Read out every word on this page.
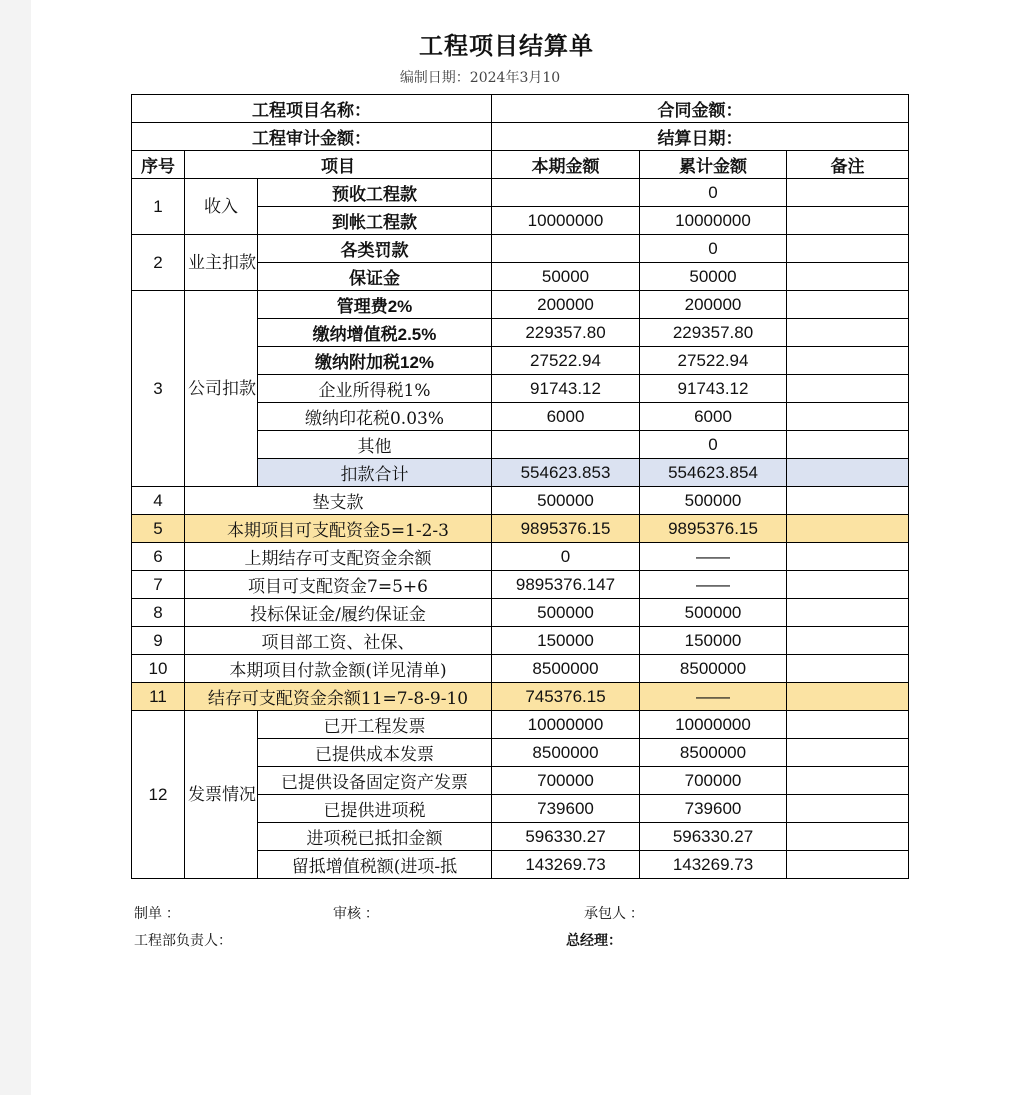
工程项目结算单
编制日期：2024年3月10
工程项目名称：			合同金额：		
工程审计金额：			结算日期：		
序号	项目		本期金额	累计金额	备注
1	收入	预收工程款		0	
		到帐工程款	10000000	10000000	
2	业主扣款	各类罚款		0	
		保证金	50000	50000	
3	公司扣款	管理费2%	200000	200000	
		缴纳增值税2.5%	229357.80	229357.80	
		缴纳附加税12%	27522.94	27522.94	
		企业所得税1%	91743.12	91743.12	
		缴纳印花税0.03%	6000	6000	
		其他		0	
		扣款合计	554623.853	554623.854	
4	垫支款		500000	500000	
5	本期项目可支配资金5=1-2-3		9895376.15	9895376.15	
6	上期结存可支配资金余额		0	——	
7	项目可支配资金7=5+6		9895376.147	——	
8	投标保证金/履约保证金		500000	500000	
9	项目部工资、社保、		150000	150000	
10	本期项目付款金额(详见清单)		8500000	8500000	
11	结存可支配资金余额11=7-8-9-10		745376.15	——	
12	发票情况	已开工程发票	10000000	10000000	
		已提供成本发票	8500000	8500000	
		已提供设备固定资产发票	700000	700000	
		已提供进项税	739600	739600	
		进项税已抵扣金额	596330.27	596330.27	
		留抵增值税额(进项-抵	143269.73	143269.73	
制单 ：	审核 ：	承包人 ：
工程部负责人：	总经理：
